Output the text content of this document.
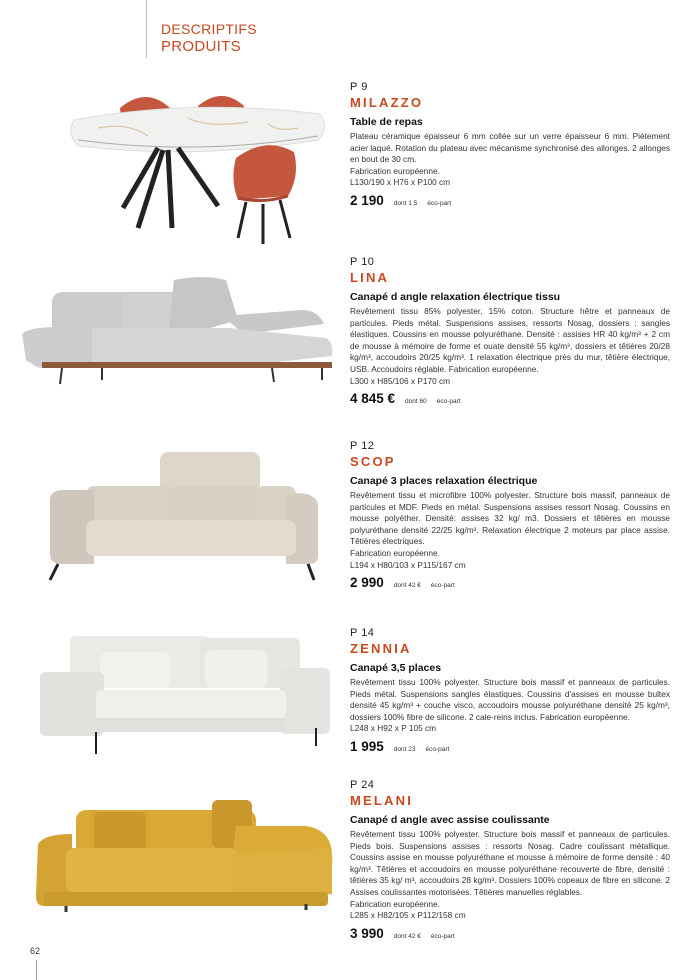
DESCRIPTIFS
PRODUITS
P 9
MILAZZO
Table de repas

Plateau céramique épaisseur 6 mm collée sur un verre épaisseur 6 mm. Piètement acier laqué. Rotation du plateau avec mécanisme synchronisé des allonges. 2 allonges en bout de 30 cm.

Fabrication européenne.

L130/190 x H76 x P100 cm

2 190 dont 1 5 éco-part
P 10
LINA
Canapé d angle relaxation électrique tissu

Revêtement tissu 85% polyester, 15% coton. Structure hêtre et panneaux de particules. Pieds métal. Suspensions assises, ressorts Nosag, dossiers : sangles élastiques. Coussins en mousse polyuréthane. Densité : assises HR 40 kg/m³ + 2 cm de mousse à mémoire de forme et ouate densité 55 kg/m³, dossiers et têtières 20/28 kg/m³, accoudoirs 20/25 kg/m³. 1 relaxation électrique près du mur, têtière électrique, USB. Accoudoirs réglable. Fabrication européenne.

L300 x H85/106 x P170 cm

4 845 € dont 60 éco-part
P 12
SCOP
Canapé 3 places relaxation électrique

Revêtement tissu et microfibre 100% polyester. Structure bois massif, panneaux de particules et MDF. Pieds en métal. Suspensions assises ressort Nosag. Coussins en mousse polyéther. Densité: assises 32 kg/ m3. Dossiers et têtières en mousse polyuréthane densité 22/25 kg/m³. Relaxation électrique 2 moteurs par place assise. Têtières électriques.

Fabrication européenne.

L194 x H80/103 x P115/167 cm

2 990 dont 42 € éco-part
P 14
ZENNIA
Canapé 3,5 places

Revêtement tissu 100% polyester. Structure bois massif et panneaux de particules. Pieds métal. Suspensions sangles élastiques. Coussins d'assises en mousse bultex densité 45 kg/m³ + couche visco, accoudoirs mousse polyuréthane densité 25 kg/m³, dossiers 100% fibre de silicone. 2 cale-reins inclus. Fabrication européenne.

L248 x H92 x P 105 cm

1 995 dont 23 éco-part
P 24
MELANI
Canapé d angle avec assise coulissante

Revêtement tissu 100% polyester. Structure bois massif et panneaux de particules. Pieds bois. Suspensions assises : ressorts Nosag. Cadre coulissant métallique. Coussins assise en mousse polyuréthane et mousse à mémoire de forme densité : 40 kg/m³. Têtières et accoudoirs en mousse polyuréthane recouverte de fibre, densité : têtières 35 kg/ m³, accoudoirs 28 kg/m³. Dossiers 100% copeaux de fibre en silicone. 2 Assises coulissantes motorisées. Têtières manuelles réglables.

Fabrication européenne.

L285 x H82/105 x P112/158 cm

3 990 dont 42 € éco-part
62
